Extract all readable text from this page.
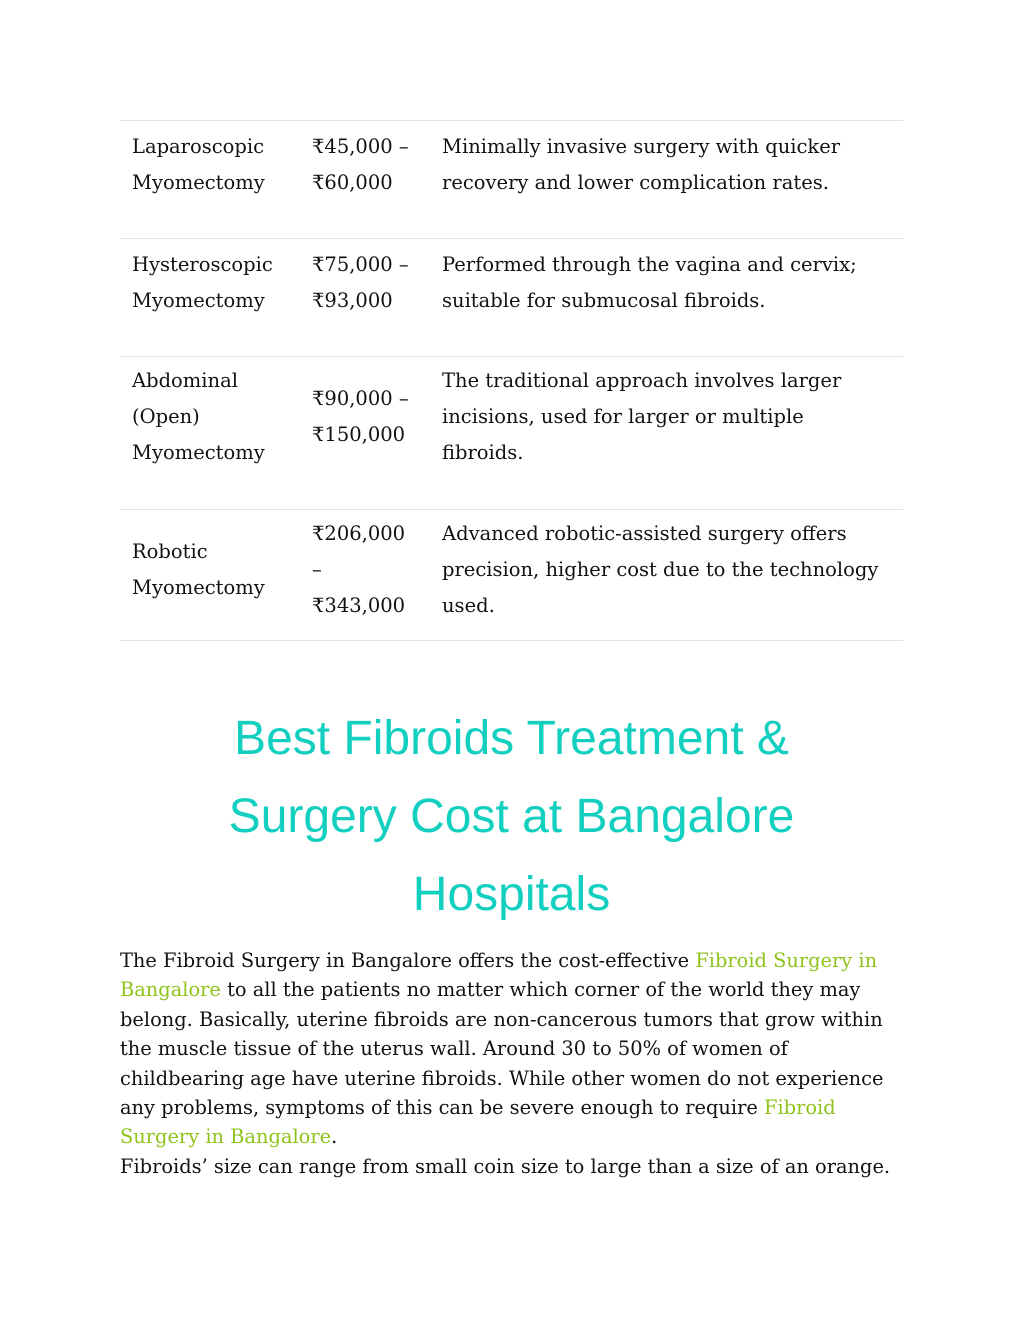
Laparoscopic
Myomectomy
₹45,000 –
₹60,000
Minimally invasive surgery with quicker
recovery and lower complication rates.
Hysteroscopic
Myomectomy
₹75,000 –
₹93,000
Performed through the vagina and cervix;
suitable for submucosal fibroids.
Abdominal
(Open)
Myomectomy
₹90,000 –
₹150,000
The traditional approach involves larger
incisions, used for larger or multiple
fibroids.
Robotic
Myomectomy
₹206,000
–
₹343,000
Advanced robotic-assisted surgery offers
precision, higher cost due to the technology
used.
Best Fibroids Treatment &
Surgery Cost at Bangalore
Hospitals

The Fibroid Surgery in Bangalore offers the cost-effective Fibroid Surgery in Bangalore to all the patients no matter which corner of the world they may belong. Basically, uterine fibroids are non-cancerous tumors that grow within the muscle tissue of the uterus wall. Around 30 to 50% of women of childbearing age have uterine fibroids. While other women do not experience any problems, symptoms of this can be severe enough to require Fibroid Surgery in Bangalore.

Fibroids’ size can range from small coin size to large than a size of an orange.
